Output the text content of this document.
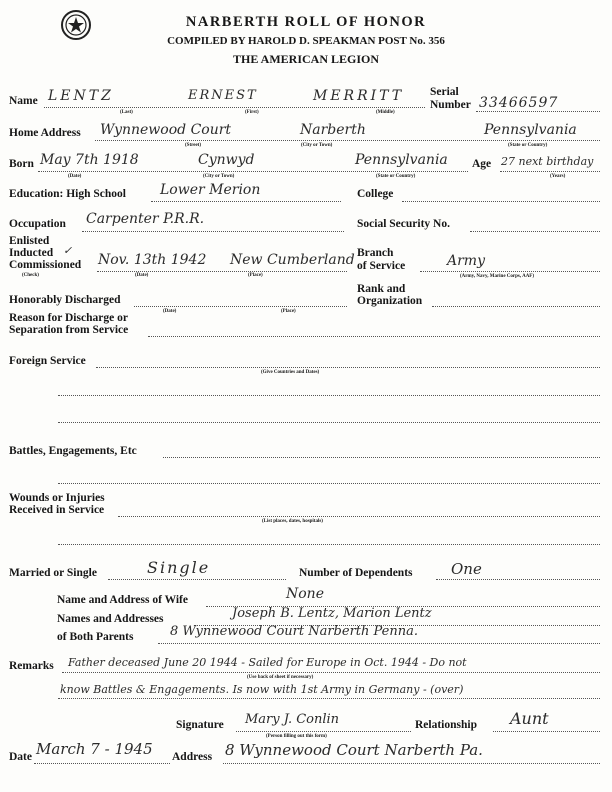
NARBERTH ROLL OF HONOR
COMPILED BY HAROLD D. SPEAKMAN POST No. 356
THE AMERICAN LEGION
Name LENTZ	ERNEST	MERRITT
(Last)	(First)	(Middle)
Serial
Number 33466597
Home Address Wynnewood Court	Narberth	Pennsylvania
(Street)	(City or Town)	(State or Country)
Born May 7th 1918	Cynwyd	Pennsylvania
(Date)	(City or Town)	(State or Country)
Age 27 next birthday
(Years)
Education: High School Lower Merion	College
Occupation Carpenter P.R.R.	Social Security No.
Enlisted
Inducted ✓
Commissioned Nov. 13th 1942 New Cumberland
(Check)	(Date)	(Place)
Branch
of Service	Army
(Army, Navy, Marine Corps, AAF)
Honorably Discharged
(Date)	(Place)
Rank and
Organization
Reason for Discharge or
Separation from Service
Foreign Service
(Give Countries and Dates)
Battles, Engagements, Etc
Wounds or Injuries
Received in Service
(List places, dates, hospitals)
Married or Single	Single	Number of Dependents	One
Name and Address of Wife	None
Names and Addresses	Joseph B. Lentz, Marion Lentz
of Both Parents	8 Wynnewood Court Narberth Penna.
Remarks Father deceased June 20 1944 - Sailed for Europe in Oct. 1944 - Do not
(Use back of sheet if necessary)
know Battles & Engagements. Is now with 1st Army in Germany - (over)
Signature Mary J. Conlin
(Person filling out this form)
Relationship Aunt
Date March 7 - 1945 Address 8 Wynnewood Court Narberth Pa.
